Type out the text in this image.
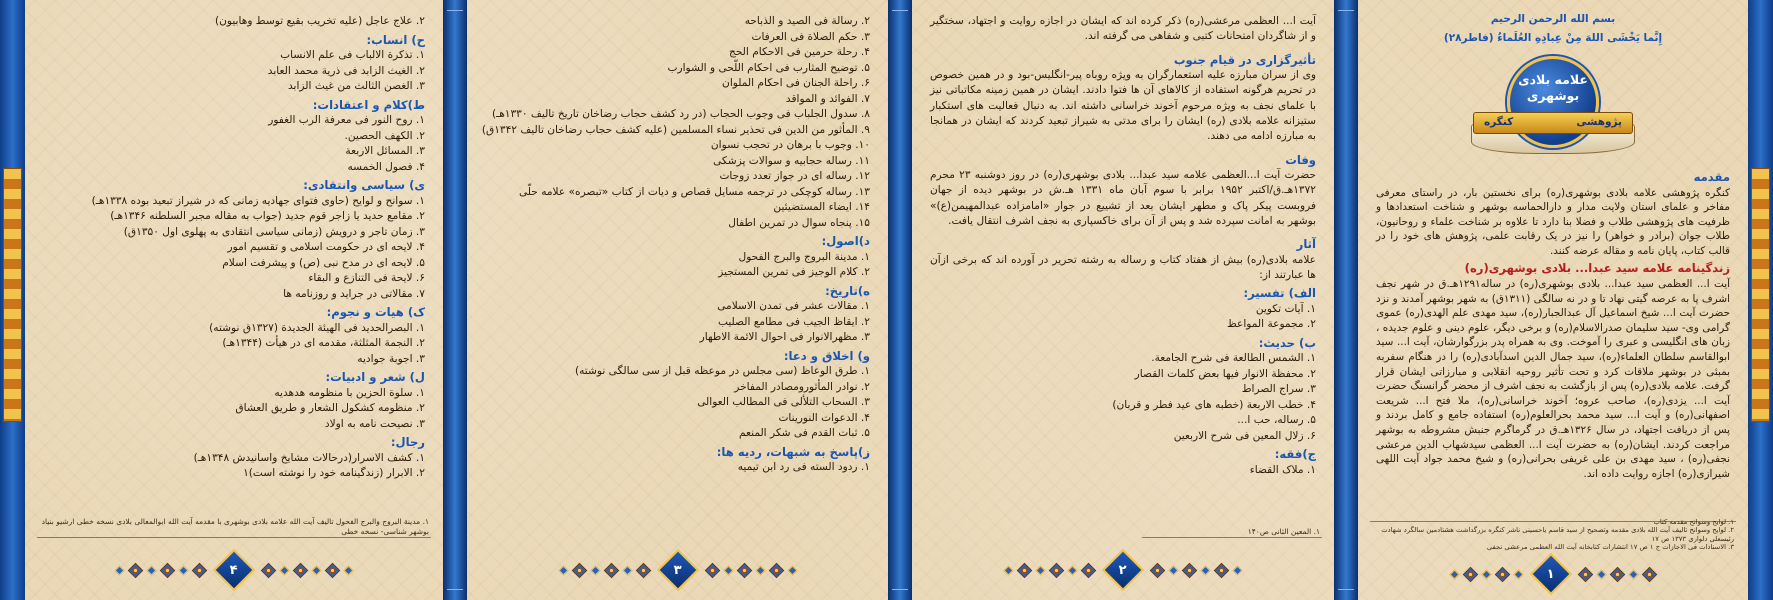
۲. علاج عاجل (علیه تخریب بقیع توسط وهابیون)
ح) انساب:
۱. تذکرة الالباب فی علم الانساب
۲. الغیث الزابد فی ذریة محمد العابد
۳. الغصن الثالث من غیث الزابد
ط)کلام و اعتقادات:
۱. روح النور فی معرفة الرب الغفور
۲. الکهف الحصین.
۳. المسائل الاربعة
۴. فصول الخمسه
ی) سیاسی وانتقادی:
۱. سوانح و لوایح (حاوی فتوای جهادیه زمانی که در شیراز تبعید بوده ۱۳۳۸هـ)
۲. مقامع حدید یا زاجر قوم جدید (جواب به مقاله مجبر السلطنه ۱۳۴۶هـ)
۳. زمان تاجر و درویش (زمانی سیاسی انتقادی به پهلوی اول ۱۳۵۰ق)
۴. لایحه ای در حکومت اسلامی و تقسیم امور
۵. لایحه ای در مدح نبی (ص) و پیشرفت اسلام
۶. لایحة فی التنازع و البقاء
۷. مقالاتی در جراید و روزنامه ها
ک) هیات و نجوم:
۱. البصرالحدید فی الهیئة الجدیدة (۱۳۲۷ق نوشته)
۲. النجمة المثلثة، مقدمه ای در هیأت (۱۳۴۴هـ)
۳. اجوبة جوادیه
ل) شعر و ادبیات:
۱. سلوة الحزین با منظومه هدهدیه
۲. منظومه کشکول الشعار و طریق العشاق
۳. نصیحت نامه به اولاد
رجال:
۱. کشف الاسرار(درحالات مشایخ واسانیدش ۱۳۴۸هـ)
۲. الابرار (زندگینامه خود را نوشته است)۱
۱. مدینة البروج والبرج الفحول تالیف آیت الله علامه بلادی بوشهری با مقدمه آیت الله ابوالمعالی بلادی نسخه خطی ارشیو بنیاد بوشهر شناسی- نسخه خطی
۴
۲. رسالة فی الصید و الذباحه
۳. حکم الصلاة فی العرفات
۴. رحلة حرمین فی الاحکام الحج
۵. توضیح المثارب فی احکام اللّحی و الشوارب
۶. راحلة الجنان فی احکام الملوان
۷. الفوائد و المواقد
۸. سدول الجلباب فی وجوب الحجاب (در رد کشف حجاب رضاخان تاریخ تالیف ۱۳۳۰هـ)
۹. المأثور من الدین فی تحذیر نساء المسلمین (علیه کشف حجاب رضاخان تالیف ۱۳۴۲ق)
۱۰. وجوب با برهان در تحجب نسوان
۱۱. رساله حجابیه و سوالات پزشکی
۱۲. رساله ای در جواز تعدد زوجات
۱۳. رساله کوچکی در ترجمه مسایل قصاص و دیات از کتاب «تبصره» علامه حلّی
۱۴. ایضاء المستضیئین
۱۵. پنجاه سوال در تمرین اطفال
د)اصول:
۱. مدینة البروج والبرج الفحول
۲. کلام الوجیز فی تمرین المستجیز
ه)تاریخ:
۱. مقالات عشر فی تمدن الاسلامی
۲. ایقاظ الجیب فی مطامع الصلیب
۳. مظهرالانوار فی احوال الائمة الاطهار
و) اخلاق و دعا:
۱. طرق الوعاظ (سی مجلس در موعظه قبل از سی سالگی نوشته)
۲. نوادر المأثورومصادر المفاخر
۳. السحاب التلألی فی المطالب العوالی
۴. الدعوات النورینات
۵. ثبات القدم فی شکر المنعم
ز)پاسخ به شبهات، ردیه ها:
۱. ردود السته فی رد ابن تیمیه
۳

آیت ا... العظمی مرعشی(ره) ذکر کرده اند که ایشان در اجازه روایت و اجتهاد، سختگیر و از شاگردان امتحانات کتبی و شفاهی می گرفته اند.

تأثیرگزاری در قیام جنوب

وی از سران مبارزه علیه استعمارگران به ویژه روباه پیر-انگلیس-بود و در همین خصوص در تحریم هرگونه استفاده از کالاهای آن ها فتوا دادند. ایشان در همین زمینه مکاتباتی نیز با علمای نجف به ویژه مرحوم آخوند خراسانی داشته اند. به دنبال فعالیت های استکبار ستیزانه علامه بلادی (ره) ایشان را برای مدتی به شیراز تبعید کردند که ایشان در همانجا به مبارزه ادامه می دهند.

وفات

حضرت آیت ا...العظمی علامه سید عبدا... بلادی بوشهری(ره) در روز دوشنبه ۲۳ محرم ۱۳۷۲هـ.ق/اکتبر ۱۹۵۲ برابر با سوم آبان ماه ۱۳۳۱ هـ.ش در بوشهر دیده از جهان فروبست پیکر پاک و مطهر ایشان بعد از تشییع در جوار «امامزاده عبدالمهیمن(ع)» بوشهر به امانت سپرده شد و پس از آن برای خاکسپاری به نجف اشرف انتقال یافت.

آثار

علامه بلادی(ره) بیش از هفتاد کتاب و رساله به رشته تحریر در آورده اند که برخی ازآن ها عبارتند از:

الف) تفسیر:
۱. آیات تکوین
۲. مجموعة المواعظ
ب) حدیث:
۱. الشمس الطالعة فی شرح الجامعة.
۲. محفظة الانوار فیها بعض کلمات القصار
۳. سراج الصراط
۴. خطب الاربعة (خطبه های عید فطر و قربان)
۵. رساله، حب ا...
۶. زلال المعین فی شرح الاربعین
ج)فقه:
۱. ملاک القضاء
۱. المعین الثانی ص۱۴۰
۲
بسم الله الرحمن الرحیم
إِنَّما یَخْشَی اللهَ مِنْ عِبادِهِ العُلَماءُ (فاطر۲۸)
علامه بلادی بوشهری
پژوهشی
کنگره
مقدمه

کنگره پژوهشی علامه بلادی بوشهری(ره) برای نخستین بار، در راستای معرفی مفاخر و علمای استان ولایت مدار و دارالحماسه بوشهر و شناخت استعدادها و ظرفیت های پژوهشی طلاب و فضلا بنا دارد تا علاوه بر شناخت علماء و روحانیون، طلاب جوان (برادر و خواهر) را نیز در یک رقابت علمی، پژوهش های خود را در قالب کتاب، پایان نامه و مقاله عرضه کنند.

زندگینامه علامه سید عبدا... بلادی بوشهری(ره)

آیت ا... العظمی سید عبدا... بلادی بوشهری(ره) در ساله۱۲۹۱هـ.ق در شهر نجف اشرف پا به عرصه گیتی نهاد تا و در نه سالگی (۱۳۱۱ق) به شهر بوشهر آمدند و نزد حضرت آیت ا... شیخ اسماعیل آل عبدالجبار(ره)، سید مهدی علم الهدی(ره) عموی گرامی وی- سید سلیمان صدرالاسلام(ره) و برخی دیگر، علوم دینی و علوم جدیده ، زبان های انگلیسی و عبری را آموخت. وی به همراه پدر بزرگوارشان، آیت ا... سید ابوالقاسم سلطان العلماء(ره)، سید جمال الدین اسدآبادی(ره) را در هنگام سفربه بمبئی در بوشهر ملاقات کرد و تحت تأثیر روحیه انقلابی و مبارزاتی ایشان قرار گرفت. علامه بلادی(ره) پس از بازگشت به نجف اشرف از محضر گرانسنگ حضرت آیت ا... یزدی(ره)، صاحب عروه؛ آخوند خراسانی(ره)، ملا فتح ا... شریعت اصفهانی(ره) و آیت ا... سید محمد بحرالعلوم(ره) استفاده جامع و کامل بردند و پس از دریافت اجتهاد، در سال ۱۳۲۶هـ.ق در گرماگرم جنبش مشروطه به بوشهر مراجعت کردند. ایشان(ره) به حضرت آیت ا... العظمی سیدشهاب الدین مرعشی نجفی(ره) ، سید مهدی بن علی غریفی بحرانی(ره) و شیخ محمد جواد آیت اللهی شیرازی(ره) اجازه روایت داده اند.

۱. لوایح وسوانح مقدمه کتاب
۲. لوایح وسوانح تالیف آیت الله بلادی مقدمه وتصحیح از سید قاسم یاحسینی ناشر کنگره بزرگداشت هشتادمین سالگرد شهادت رئیسعلی دلواری ۱۳۷۳ ص ۱۷
۳. الاسنادات فی الاجازات ج ۱ ص ۱۷ انتشارات کتابخانه آیت الله العظمی مرعشی نجفی
۱
